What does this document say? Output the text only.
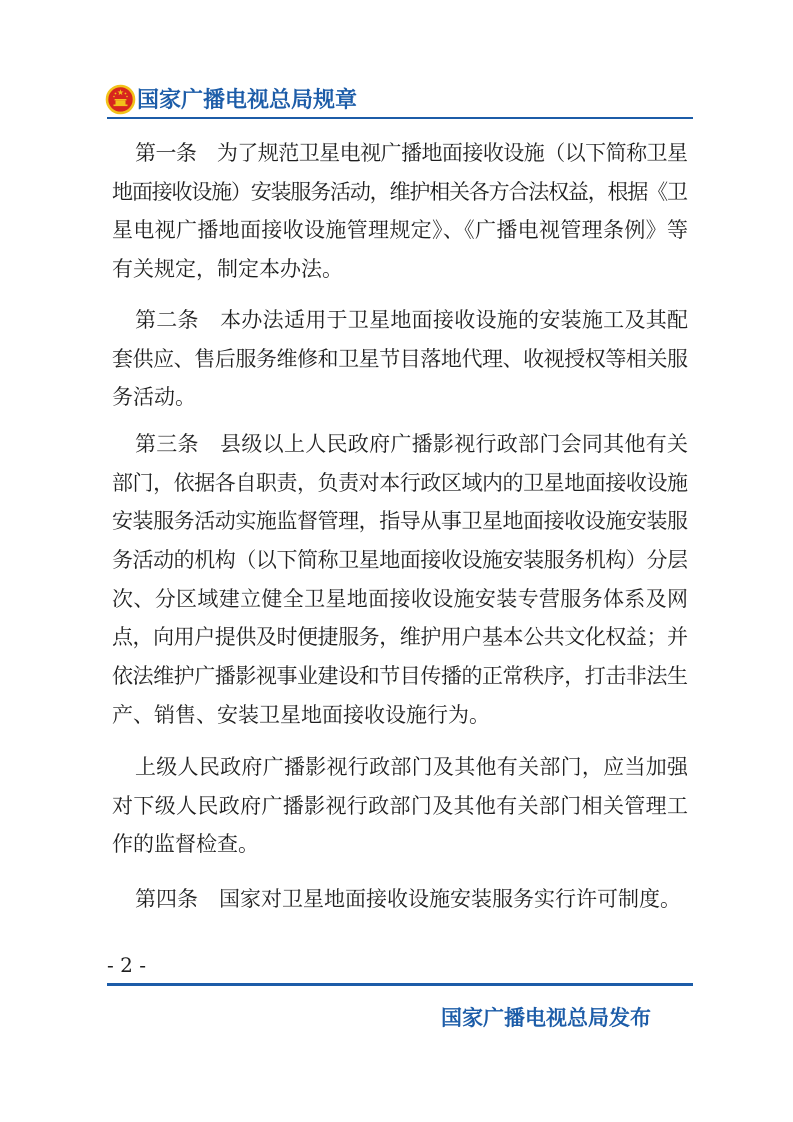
国家广播电视总局规章
第一条　为了规范卫星电视广播地面接收设施（以下简称卫星
地面接收设施）安装服务活动，维护相关各方合法权益，根据《卫
星电视广播地面接收设施管理规定》、《广播电视管理条例》等
有关规定，制定本办法。
第二条　本办法适用于卫星地面接收设施的安装施工及其配
套供应、售后服务维修和卫星节目落地代理、收视授权等相关服
务活动。
第三条　县级以上人民政府广播影视行政部门会同其他有关
部门，依据各自职责，负责对本行政区域内的卫星地面接收设施
安装服务活动实施监督管理，指导从事卫星地面接收设施安装服
务活动的机构（以下简称卫星地面接收设施安装服务机构）分层
次、分区域建立健全卫星地面接收设施安装专营服务体系及网
点，向用户提供及时便捷服务，维护用户基本公共文化权益；并
依法维护广播影视事业建设和节目传播的正常秩序，打击非法生
产、销售、安装卫星地面接收设施行为。
上级人民政府广播影视行政部门及其他有关部门，应当加强
对下级人民政府广播影视行政部门及其他有关部门相关管理工
作的监督检查。
第四条　国家对卫星地面接收设施安装服务实行许可制度。
- 2 -
国家广播电视总局发布
